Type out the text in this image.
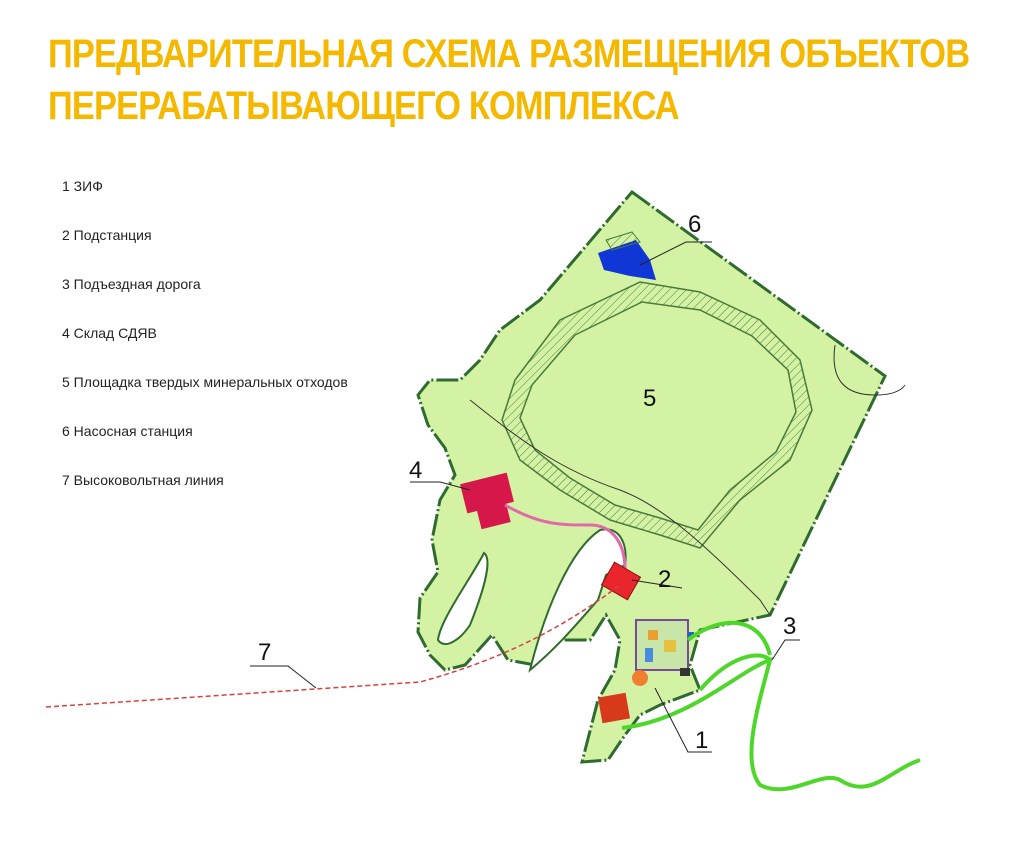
ПРЕДВАРИТЕЛЬНАЯ СХЕМА РАЗМЕЩЕНИЯ ОБЪЕКТОВ
ПЕРЕРАБАТЫВАЮЩЕГО КОМПЛЕКСА
1 ЗИФ
2 Подстанция
3 Подъездная дорога
4 Склад СДЯВ
5 Площадка твердых минеральных отходов
6 Насосная станция
7 Высоковольтная линия
5
6
4
2
3
1
7
